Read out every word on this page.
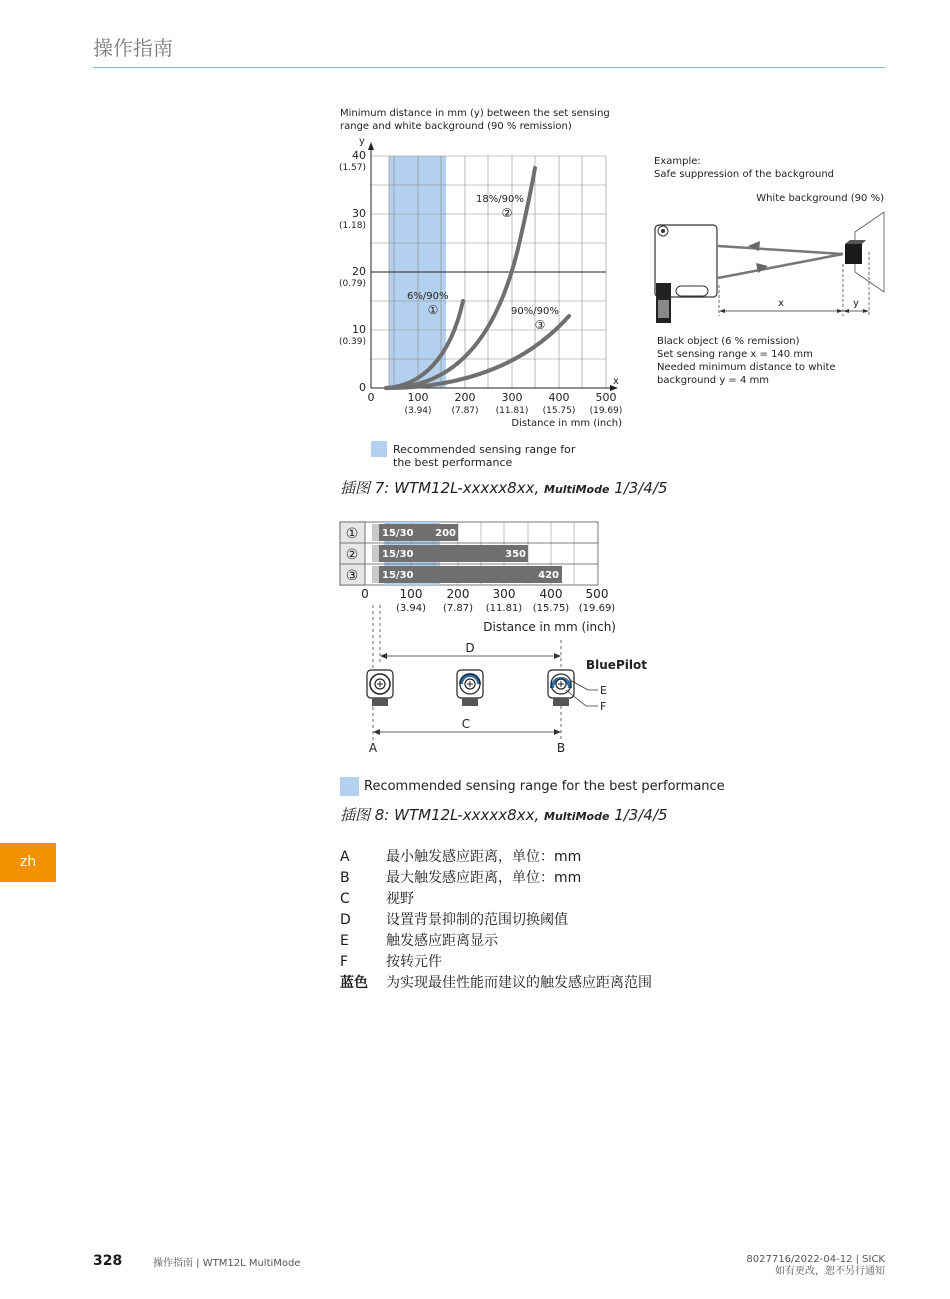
操作指南
zh
Minimum distance in mm (y) between the set sensing
range and white background (90 % remission)
y
x
40
(1.57)
30
(1.18)
20
(0.79)
10
(0.39)
0
0	100
(3.94)
200
(7.87)
300
(11.81)
400
(15.75)
500
(19.69)
Distance in mm (inch)
6%/90%
①
18%/90%
②
90%/90%
③
Recommended sensing range for
the best performance
Example:
Safe suppression of the background
White background (90 %)
x	y
Black object (6 % remission)
Set sensing range x = 140 mm
Needed minimum distance to white
background y = 4 mm
插图 7: WTM12L-xxxxx8xx, MultiMode 1/3/4/5
①
②
③
15/30 200
15/30	350
15/30	420
0	100
(3.94)
200
(7.87)
300
(11.81)
400
(15.75)
500
(19.69)
Distance in mm (inch)
D
C
A	B
BluePilot
E
F
Recommended sensing range for the best performance
插图 8: WTM12L-xxxxx8xx, MultiMode 1/3/4/5
A	最小触发感应距离，单位：mm
B	最大触发感应距离，单位：mm
C	视野
D	设置背景抑制的范围切换阈值
E	触发感应距离显示
F	按转元件
蓝色 为实现最佳性能而建议的触发感应距离范围
328	操作指南 | WTM12L MultiMode	8027716/2022-04-12 | SICK
如有更改，恕不另行通知
